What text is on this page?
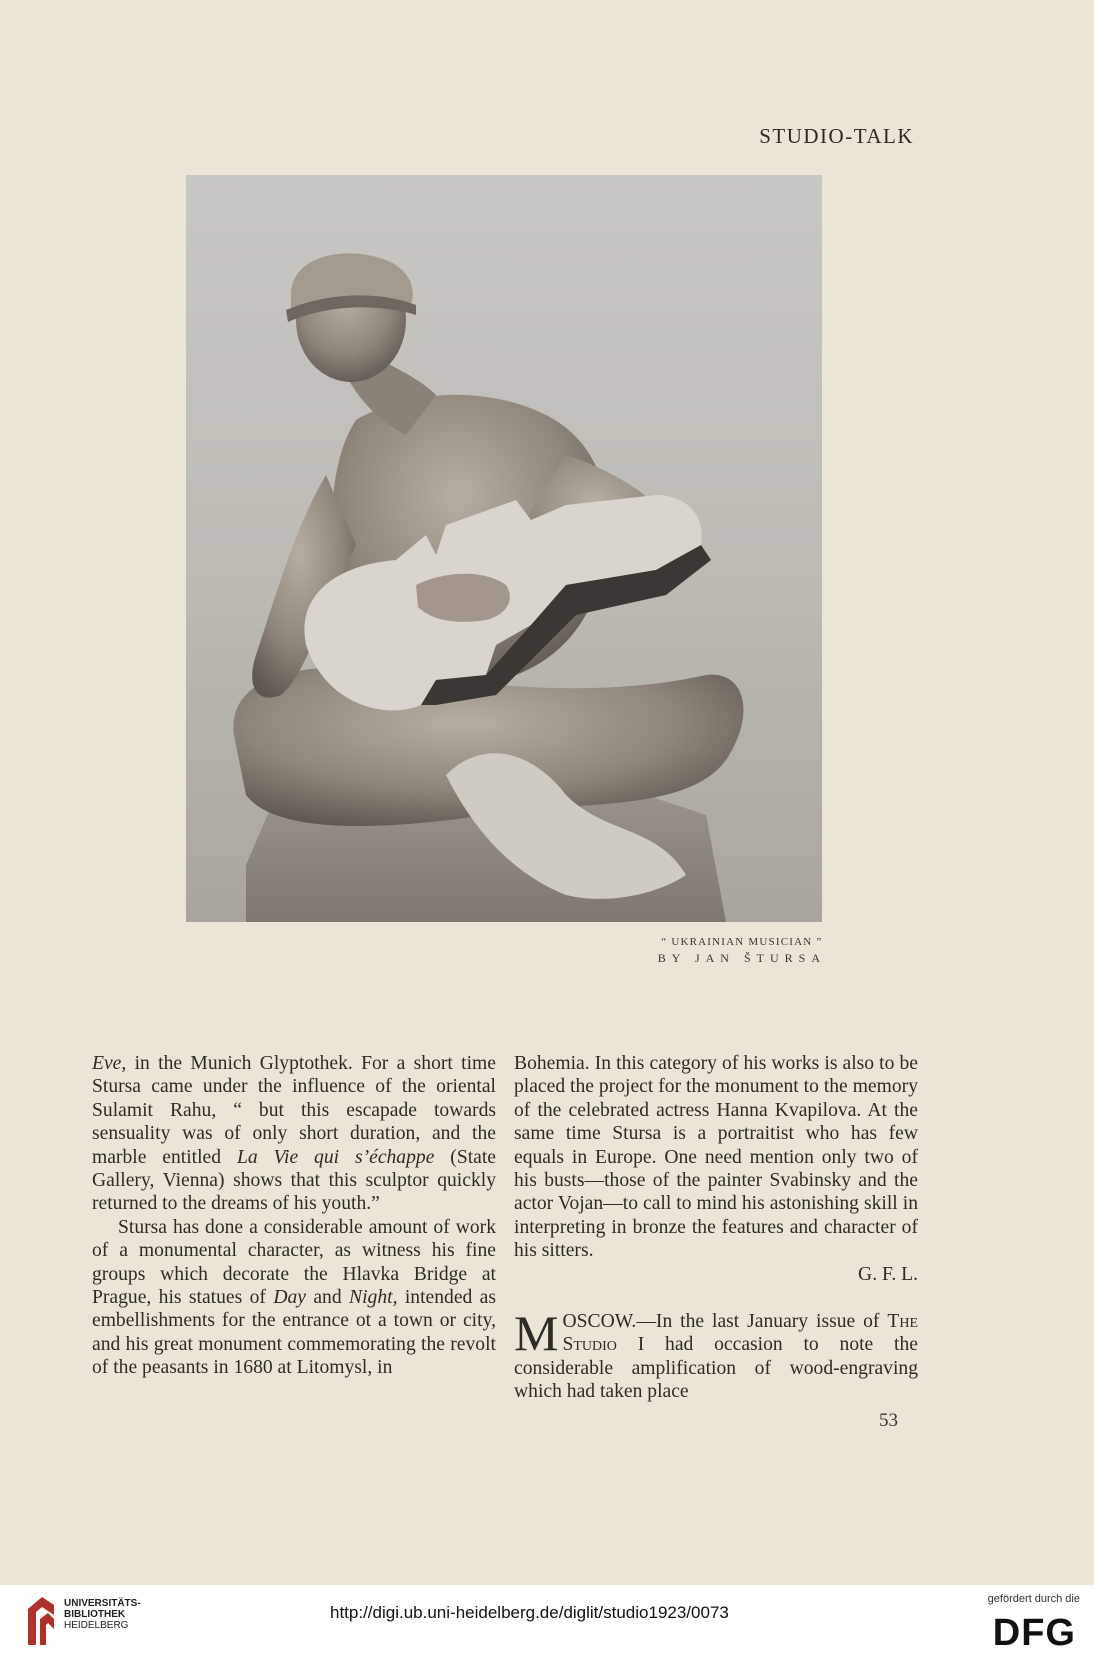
STUDIO-TALK
“ UKRAINIAN MUSICIAN ”
BY JAN ŠTURSA

Eve, in the Munich Glyptothek. For a short time Stursa came under the influence of the oriental Sulamit Rahu, “ but this escapade towards sensuality was of only short duration, and the marble entitled La Vie qui s’échappe (State Gallery, Vienna) shows that this sculptor quickly returned to the dreams of his youth.”

Stursa has done a considerable amount of work of a monumental character, as witness his fine groups which decorate the Hlavka Bridge at Prague, his statues of Day and Night, intended as embellishments for the entrance ot a town or city, and his great monument commemorating the revolt of the peasants in 1680 at Litomysl, in

Bohemia. In this category of his works is also to be placed the project for the monument to the memory of the celebrated actress Hanna Kvapilova. At the same time Stursa is a portraitist who has few equals in Europe. One need mention only two of his busts—those of the painter Svabinsky and the actor Vojan—to call to mind his astonishing skill in interpreting in bronze the features and character of his sitters.
G. F. L.

MOSCOW.—In the last January issue of The Studio I had occasion to note the considerable amplification of wood-engraving which had taken place

53
UNIVERSITÄTS-
BIBLIOTHEK
HEIDELBERG
http://digi.ub.uni-heidelberg.de/diglit/studio1923/0073
gefördert durch die
DFG
